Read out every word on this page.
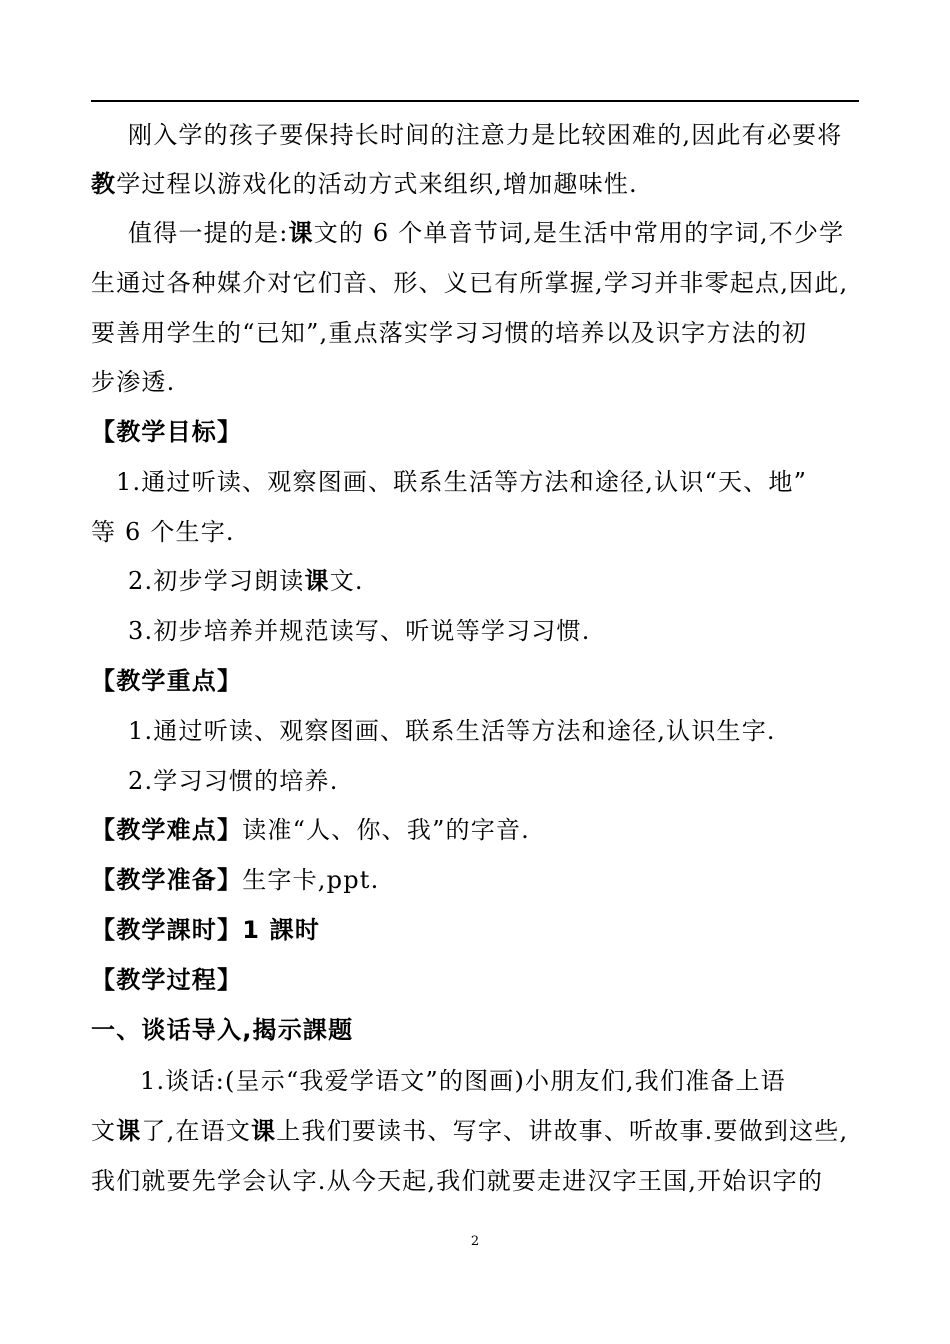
刚入学的孩子要保持长时间的注意力是比较困难的,因此有必要将
教学过程以游戏化的活动方式来组织,增加趣味性.
值得一提的是:课文的 6 个单音节词,是生活中常用的字词,不少学
生通过各种媒介对它们音、形、义已有所掌握,学习并非零起点,因此,
要善用学生的“已知”,重点落实学习习惯的培养以及识字方法的初
步渗透.
【教学目标】
1.通过听读、观察图画、联系生活等方法和途径,认识“天、地”
等 6 个生字.
2.初步学习朗读课文.
3.初步培养并规范读写、听说等学习习惯.
【教学重点】
1.通过听读、观察图画、联系生活等方法和途径,认识生字.
2.学习习惯的培养.
【教学难点】读准“人、你、我”的字音.
【教学准备】生字卡,ppt.
【教学課时】1 課时
【教学过程】
一、谈话导入,揭示課题
1.谈话:(呈示“我爱学语文”的图画)小朋友们,我们准备上语
文课了,在语文课上我们要读书、写字、讲故事、听故事.要做到这些,
我们就要先学会认字.从今天起,我们就要走进汉字王国,开始识字的
2
